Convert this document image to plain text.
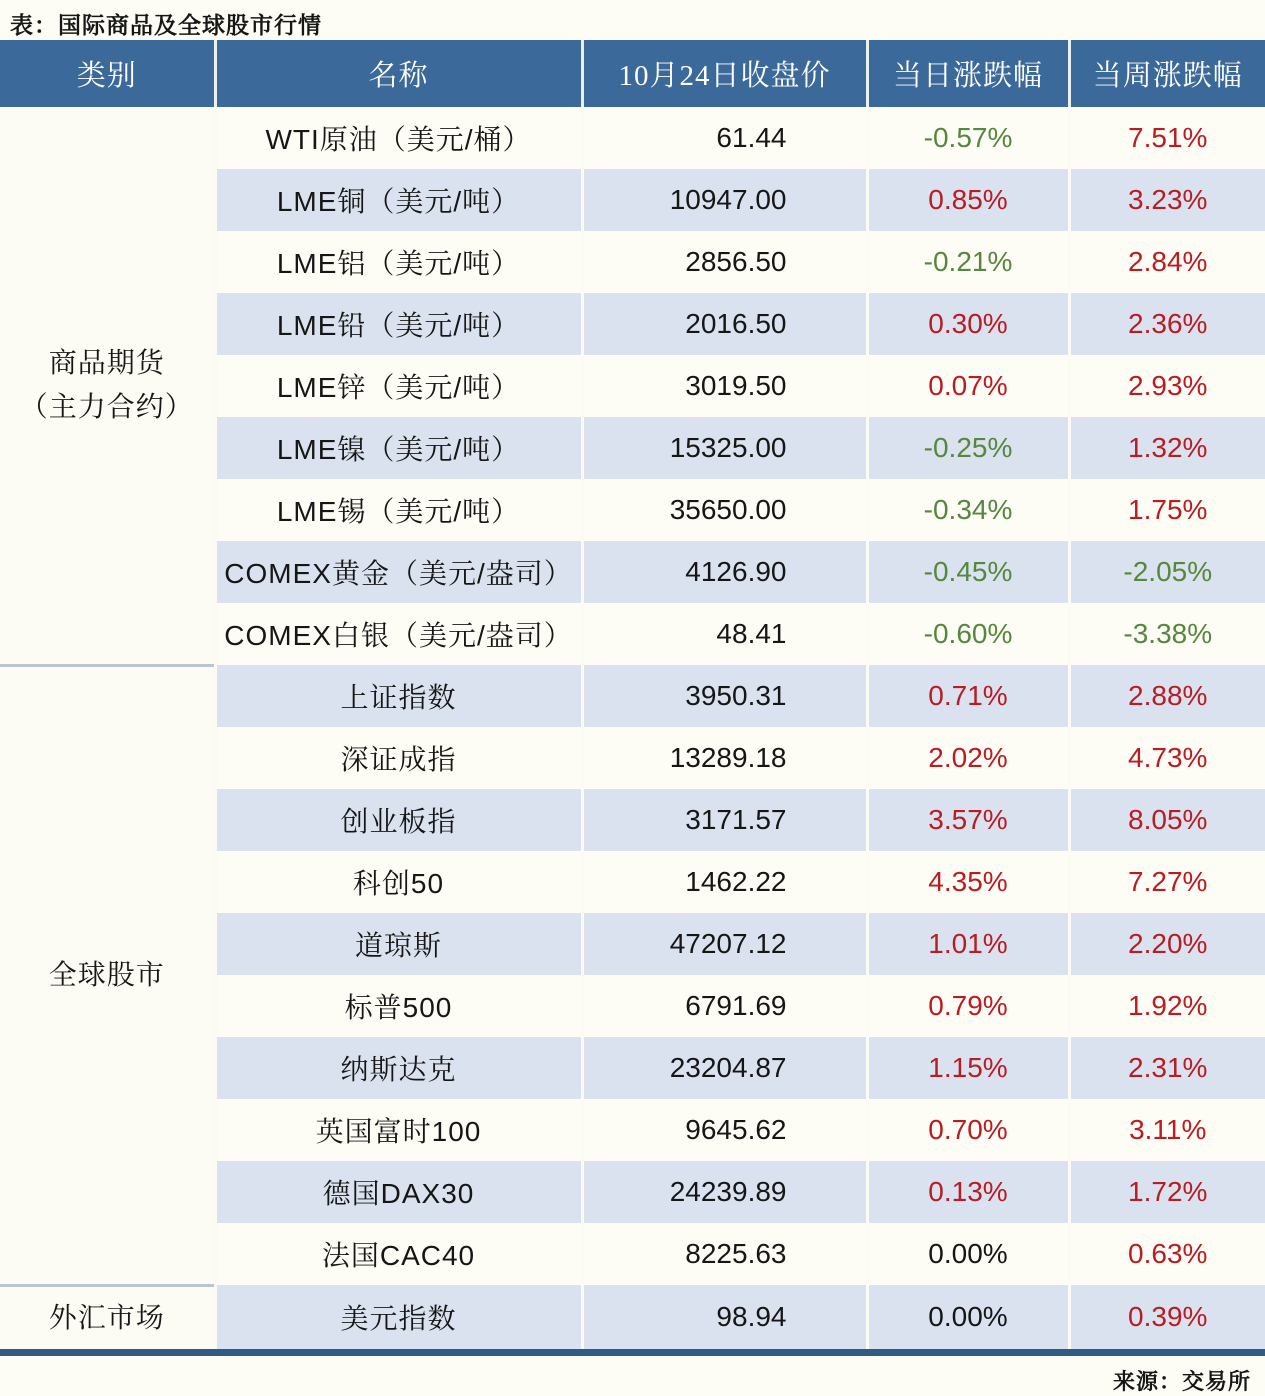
表：国际商品及全球股市行情
类别	名称	10月24日收盘价	当日涨跌幅	当周涨跌幅

商品期货
（主力合约）	WTI原油（美元/桶）	61.44	-0.57%	7.51%
	LME铜（美元/吨）	10947.00	0.85%	3.23%
	LME铝（美元/吨）	2856.50	-0.21%	2.84%
	LME铅（美元/吨）	2016.50	0.30%	2.36%
	LME锌（美元/吨）	3019.50	0.07%	2.93%
	LME镍（美元/吨）	15325.00	-0.25%	1.32%
	LME锡（美元/吨）	35650.00	-0.34%	1.75%
	COMEX黄金（美元/盎司）	4126.90	-0.45%	-2.05%
	COMEX白银（美元/盎司）	48.41	-0.60%	-3.38%

全球股市	上证指数	3950.31	0.71%	2.88%
	深证成指	13289.18	2.02%	4.73%
	创业板指	3171.57	3.57%	8.05%
	科创50	1462.22	4.35%	7.27%
	道琼斯	47207.12	1.01%	2.20%
	标普500	6791.69	0.79%	1.92%
	纳斯达克	23204.87	1.15%	2.31%
	英国富时100	9645.62	0.70%	3.11%
	德国DAX30	24239.89	0.13%	1.72%
	法国CAC40	8225.63	0.00%	0.63%

外汇市场	美元指数	98.94	0.00%	0.39%
来源：交易所
